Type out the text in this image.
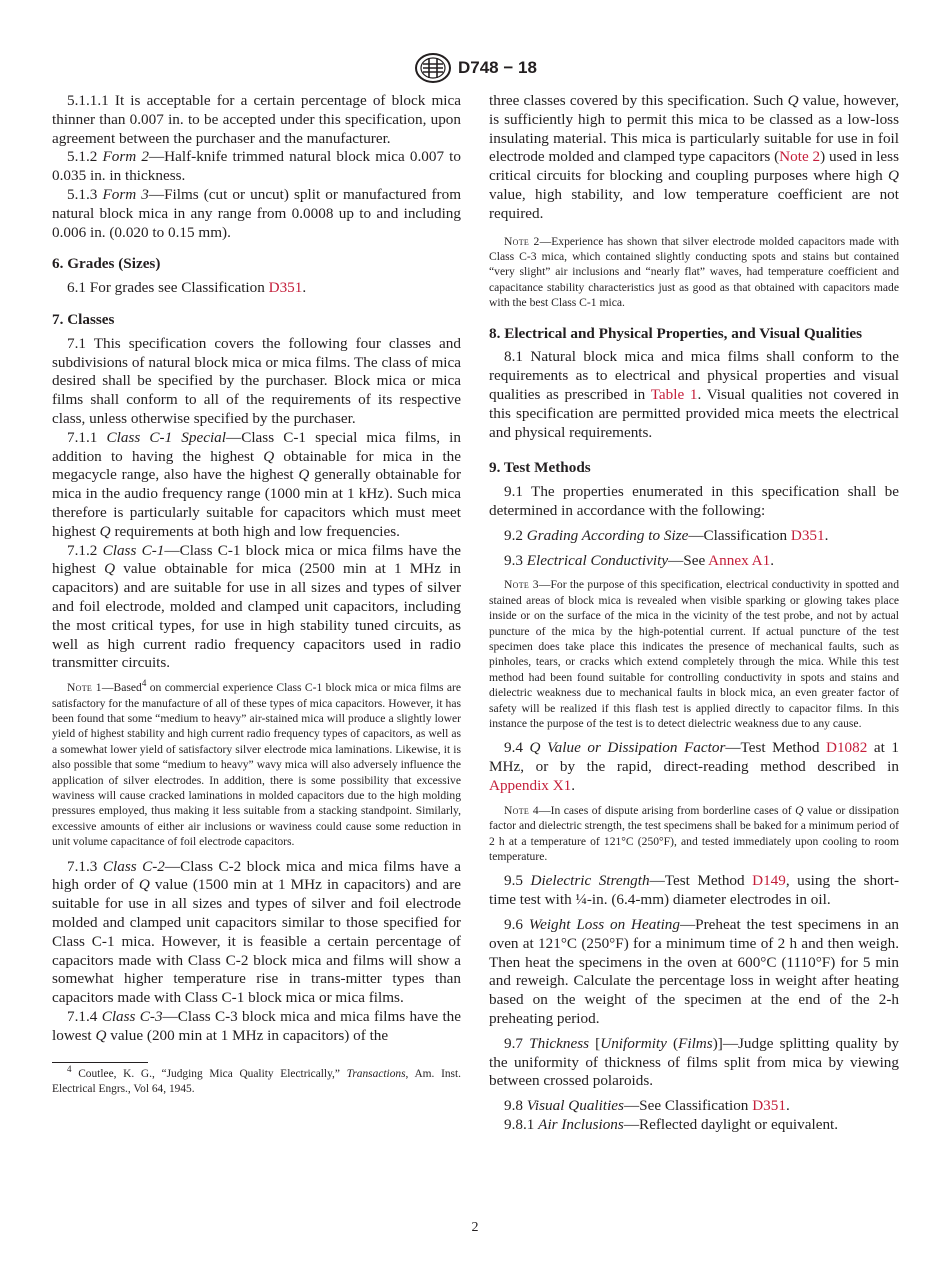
D748 − 18

5.1.1.1 It is acceptable for a certain percentage of block mica thinner than 0.007 in. to be accepted under this specification, upon agreement between the purchaser and the manufacturer.

5.1.2 Form 2—Half-knife trimmed natural block mica 0.007 to 0.035 in. in thickness.

5.1.3 Form 3—Films (cut or uncut) split or manufactured from natural block mica in any range from 0.0008 up to and including 0.006 in. (0.020 to 0.15 mm).

6. Grades (Sizes)

6.1 For grades see Classification D351.

7. Classes

7.1 This specification covers the following four classes and subdivisions of natural block mica or mica films. The class of mica desired shall be specified by the purchaser. Block mica or mica films shall conform to all of the requirements of its respective class, unless otherwise specified by the purchaser.

7.1.1 Class C-1 Special—Class C-1 special mica films, in addition to having the highest Q obtainable for mica in the megacycle range, also have the highest Q generally obtainable for mica in the audio frequency range (1000 min at 1 kHz). Such mica therefore is particularly suitable for capacitors which must meet highest Q requirements at both high and low frequencies.

7.1.2 Class C-1—Class C-1 block mica or mica films have the highest Q value obtainable for mica (2500 min at 1 MHz in capacitors) and are suitable for use in all sizes and types of silver and foil electrode, molded and clamped unit capacitors, including the most critical types, for use in high stability tuned circuits, as well as high current radio frequency capacitors used in radio transmitter circuits.

Note 1—Based$^4$ on commercial experience Class C-1 block mica or mica films are satisfactory for the manufacture of all of these types of mica capacitors. However, it has been found that some “medium to heavy” air-stained mica will produce a slightly lower yield of highest stability and high current radio frequency types of capacitors, as well as a somewhat lower yield of satisfactory silver electrode mica laminations. Likewise, it is also possible that some “medium to heavy” wavy mica will also adversely influence the application of silver electrodes. In addition, there is some possibility that excessive waviness will cause cracked laminations in molded capacitors due to the high molding pressures employed, thus making it less suitable from a stacking standpoint. Similarly, excessive amounts of either air inclusions or waviness could cause some reduction in unit volume capacitance of foil electrode capacitors.

7.1.3 Class C-2—Class C-2 block mica and mica films have a high order of Q value (1500 min at 1 MHz in capacitors) and are suitable for use in all sizes and types of silver and foil electrode molded and clamped unit capacitors similar to those specified for Class C-1 mica. However, it is feasible a certain percentage of capacitors made with Class C-2 block mica and films will show a somewhat higher temperature rise in trans-mitter types than capacitors made with Class C-1 block mica or mica films.

7.1.4 Class C-3—Class C-3 block mica and mica films have the lowest Q value (200 min at 1 MHz in capacitors) of the

$^4$ Coutlee, K. G., “Judging Mica Quality Electrically,” Transactions, Am. Inst. Electrical Engrs., Vol 64, 1945.

three classes covered by this specification. Such Q value, however, is sufficiently high to permit this mica to be classed as a low-loss insulating material. This mica is particularly suitable for use in foil electrode molded and clamped type capacitors (Note 2) used in less critical circuits for blocking and coupling purposes where high Q value, high stability, and low temperature coefficient are not required.

Note 2—Experience has shown that silver electrode molded capacitors made with Class C-3 mica, which contained slightly conducting spots and stains but contained “very slight” air inclusions and “nearly flat” waves, had temperature coefficient and capacitance stability characteristics just as good as that obtained with capacitors made with the best Class C-1 mica.

8. Electrical and Physical Properties, and Visual Qualities

8.1 Natural block mica and mica films shall conform to the requirements as to electrical and physical properties and visual qualities as prescribed in Table 1. Visual qualities not covered in this specification are permitted provided mica meets the electrical and physical requirements.

9. Test Methods

9.1 The properties enumerated in this specification shall be determined in accordance with the following:

9.2 Grading According to Size—Classification D351.

9.3 Electrical Conductivity—See Annex A1.

Note 3—For the purpose of this specification, electrical conductivity in spotted and stained areas of block mica is revealed when visible sparking or glowing takes place inside or on the surface of the mica in the vicinity of the test probe, and not by actual puncture of the mica by the high-potential current. If actual puncture of the test specimen does take place this indicates the presence of mechanical faults, such as pinholes, tears, or cracks which extend completely through the mica. While this test method had been found suitable for controlling conductivity in spots and stains and dielectric weakness due to mechanical faults in block mica, an even greater factor of safety will be realized if this flash test is applied directly to capacitor films. In this instance the purpose of the test is to detect dielectric weakness due to any cause.

9.4 Q Value or Dissipation Factor—Test Method D1082 at 1 MHz, or by the rapid, direct-reading method described in Appendix X1.

Note 4—In cases of dispute arising from borderline cases of Q value or dissipation factor and dielectric strength, the test specimens shall be baked for a minimum period of 2 h at a temperature of 121°C (250°F), and tested immediately upon cooling to room temperature.

9.5 Dielectric Strength—Test Method D149, using the short-time test with ¼-in. (6.4-mm) diameter electrodes in oil.

9.6 Weight Loss on Heating—Preheat the test specimens in an oven at 121°C (250°F) for a minimum time of 2 h and then weigh. Then heat the specimens in the oven at 600°C (1110°F) for 5 min and reweigh. Calculate the percentage loss in weight after heating based on the weight of the specimen at the end of the 2-h preheating period.

9.7 Thickness [Uniformity (Films)]—Judge splitting quality by the uniformity of thickness of films split from mica by viewing between crossed polaroids.

9.8 Visual Qualities—See Classification D351.

9.8.1 Air Inclusions—Reflected daylight or equivalent.

2
